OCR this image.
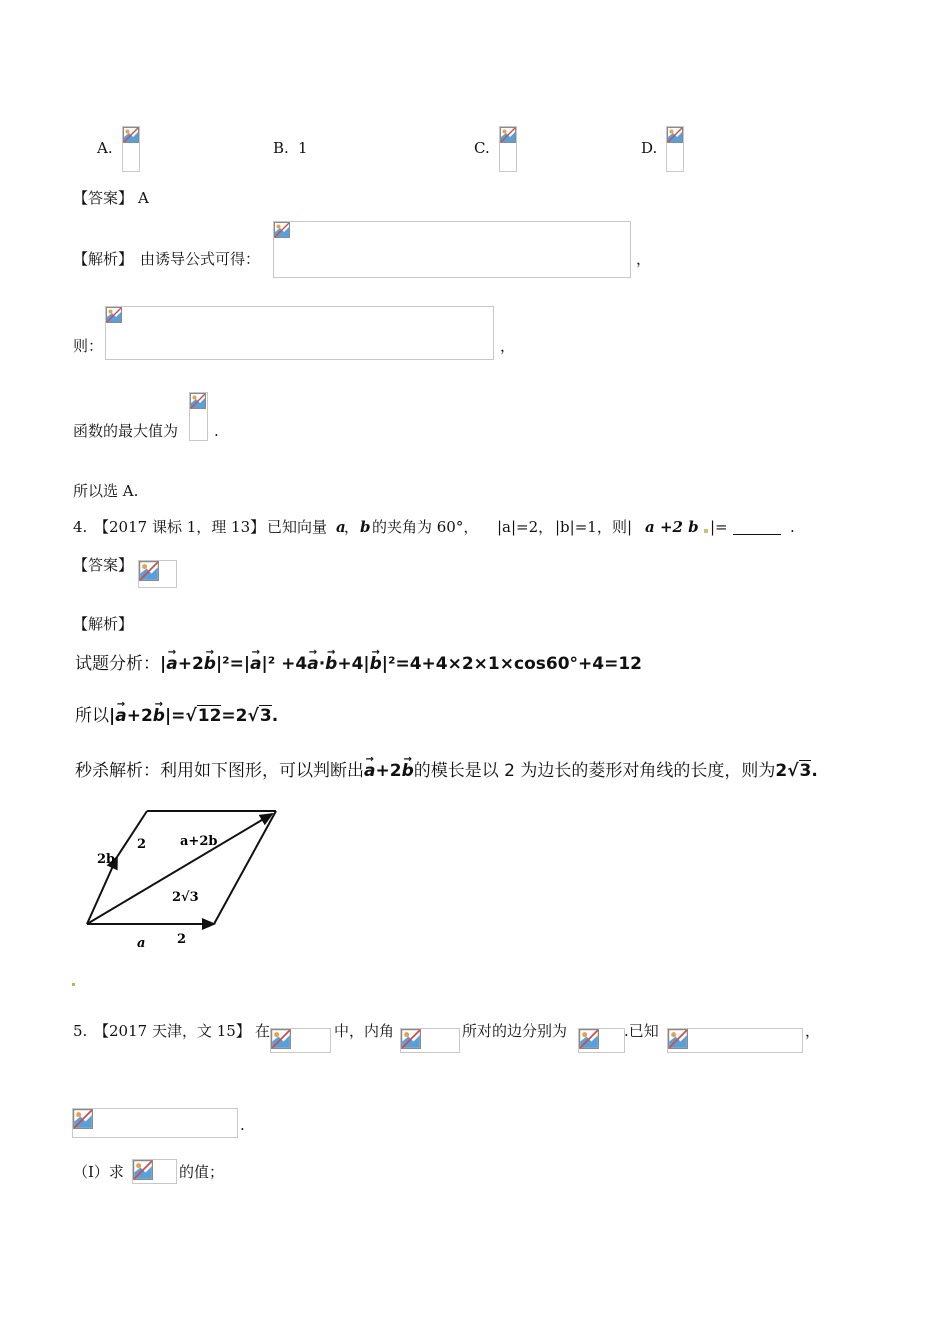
A.	B. 1	C.	D.
【答案】 A
【解析】 由诱导公式可得：	，
则：	，
函数的最大值为 .
所以选 A.
4. 【2017 课标 1，理 13】 已知向量 a
， b 的夹角为 60°， |a|=2， |b|=1， 则| a +2 b |=	.
【答案】
【解析】
试题分析：|→ a+2→ b|²=|→ a|² +4→ a·→ b+4|→ b|²=4+4×2×1×cos60°+4=12
所以|→ a+2→ b|=√12=2√3.
秒杀解析：利用如下图形，可以判断出→ a+2→ b的模长是以 2 为边长的菱形对角线的长度，则为2√3.
2b
2	a+2b
2√3
a 2
5. 【2017 天津，文 15】 在	中，内角	所对的边分别为	.已知	，
.
（I）求	的值；
